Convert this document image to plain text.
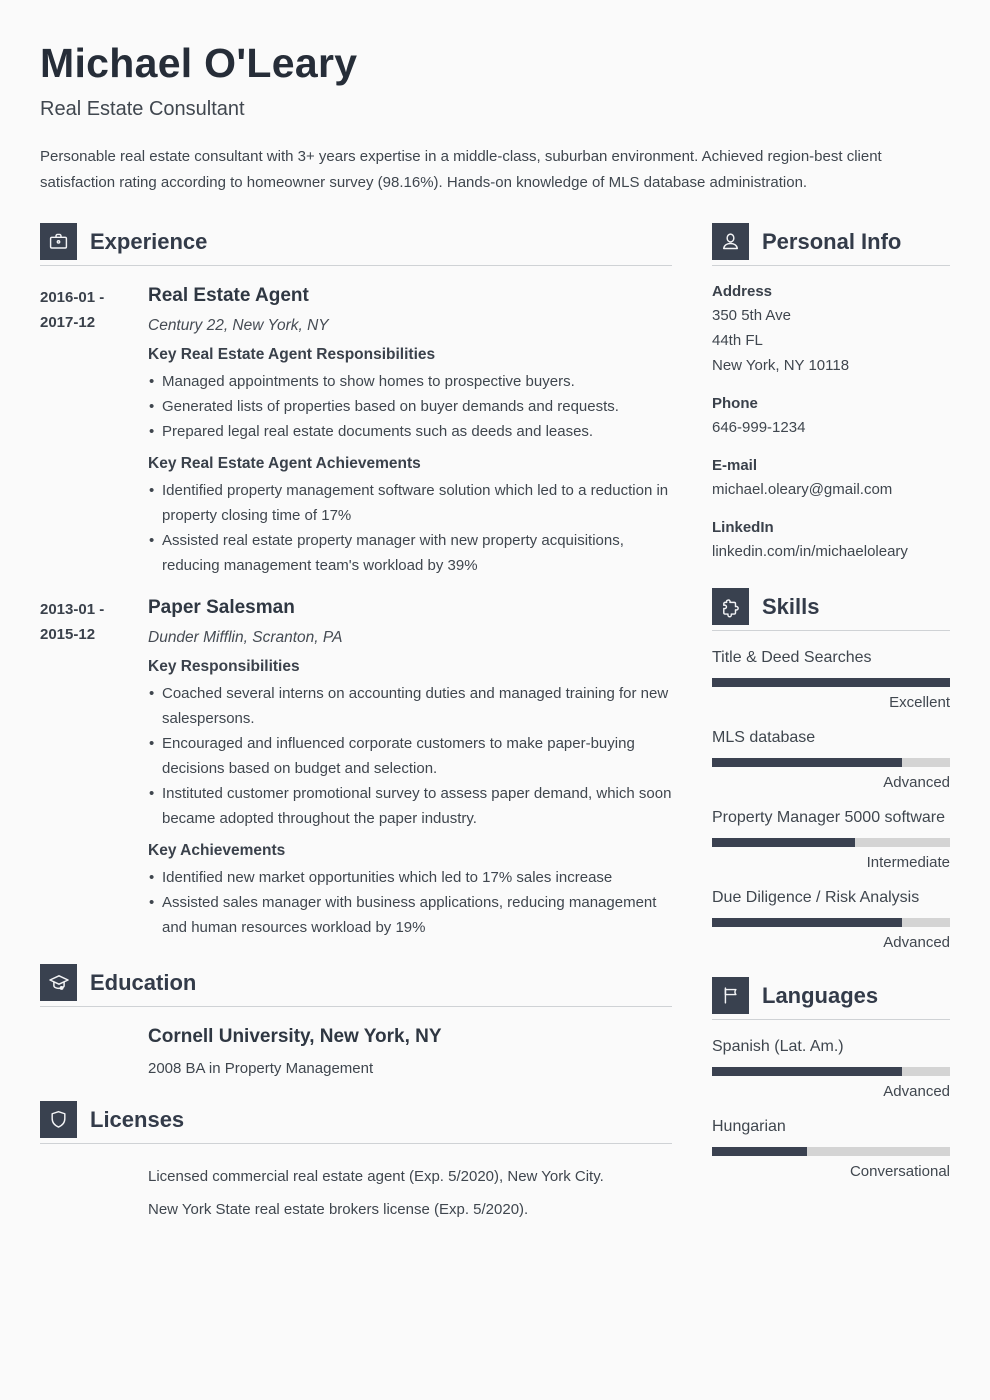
Michael O'Leary
Real Estate Consultant
Personable real estate consultant with 3+ years expertise in a middle-class, suburban environment. Achieved region-best client satisfaction rating according to homeowner survey (98.16%). Hands-on knowledge of MLS database administration.
Experience
2016-01 -
2017-12
Real Estate Agent
Century 22, New York, NY
Key Real Estate Agent Responsibilities
• Managed appointments to show homes to prospective buyers.
• Generated lists of properties based on buyer demands and requests.
• Prepared legal real estate documents such as deeds and leases.
Key Real Estate Agent Achievements
• Identified property management software solution which led to a reduction in property closing time of 17%
• Assisted real estate property manager with new property acquisitions, reducing management team's workload by 39%
2013-01 -
2015-12
Paper Salesman
Dunder Mifflin, Scranton, PA
Key Responsibilities
• Coached several interns on accounting duties and managed training for new salespersons.
• Encouraged and influenced corporate customers to make paper-buying decisions based on budget and selection.
• Instituted customer promotional survey to assess paper demand, which soon became adopted throughout the paper industry.
Key Achievements
• Identified new market opportunities which led to 17% sales increase
• Assisted sales manager with business applications, reducing management and human resources workload by 19%
Education
Cornell University, New York, NY
2008 BA in Property Management
Licenses
Licensed commercial real estate agent (Exp. 5/2020), New York City.
New York State real estate brokers license (Exp. 5/2020).
Personal Info
Address
350 5th Ave
44th FL
New York, NY 10118
Phone
646-999-1234
E-mail
michael.oleary@gmail.com
LinkedIn
linkedin.com/in/michaeloleary
Skills
Title & Deed Searches
Excellent
MLS database
Advanced
Property Manager 5000 software
Intermediate
Due Diligence / Risk Analysis
Advanced
Languages
Spanish (Lat. Am.)
Advanced
Hungarian
Conversational
